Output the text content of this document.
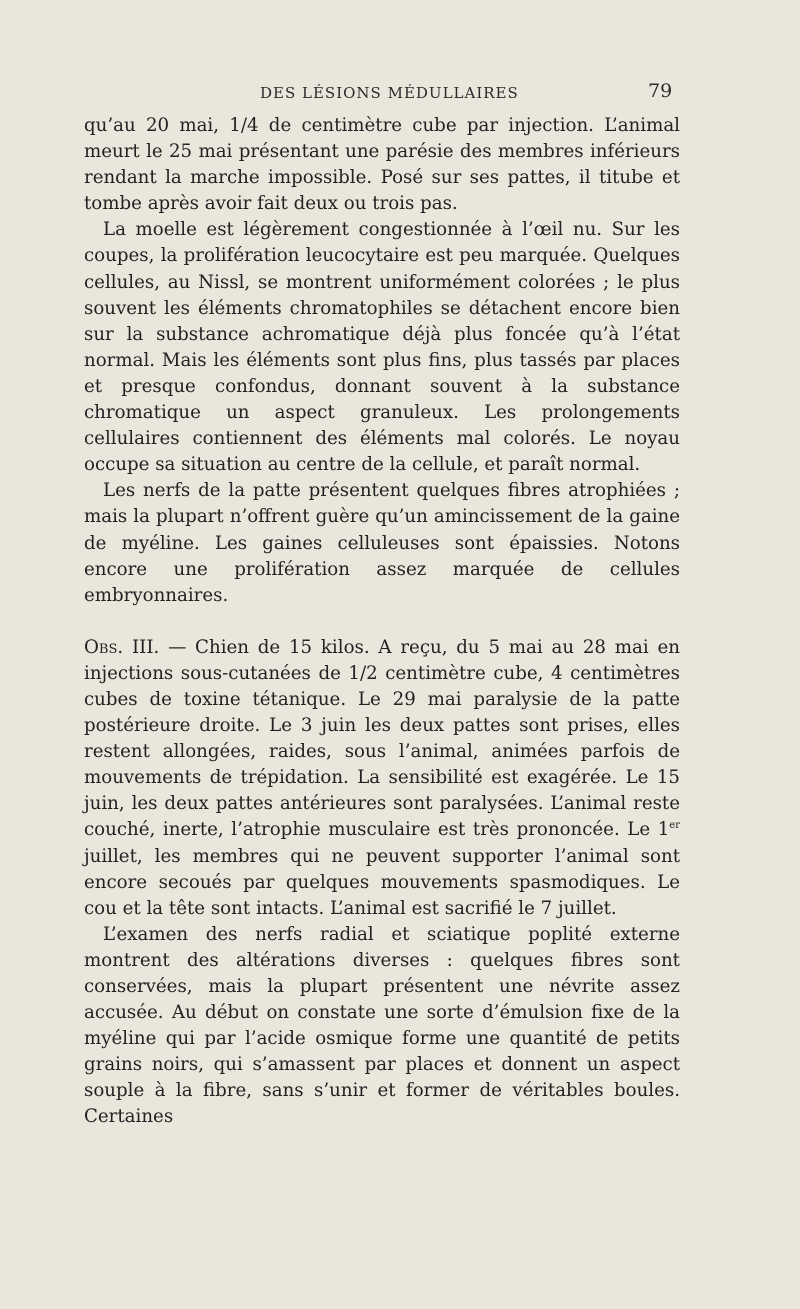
DES LÉSIONS MÉDULLAIRES	79

qu’au 20 mai, 1/4 de centimètre cube par injection. L’animal meurt le 25 mai présentant une parésie des membres inférieurs rendant la marche impossible. Posé sur ses pattes, il titube et tombe après avoir fait deux ou trois pas.

La moelle est légèrement congestionnée à l’œil nu. Sur les coupes, la prolifération leucocytaire est peu marquée. Quelques cellules, au Nissl, se montrent uniformément colorées ; le plus souvent les éléments chromatophiles se détachent encore bien sur la substance achromatique déjà plus foncée qu’à l’état normal. Mais les éléments sont plus fins, plus tassés par places et presque confondus, donnant souvent à la substance chromatique un aspect granuleux. Les prolongements cellulaires contiennent des éléments mal colorés. Le noyau occupe sa situation au centre de la cellule, et paraît normal.

Les nerfs de la patte présentent quelques fibres atrophiées ; mais la plupart n’offrent guère qu’un amincissement de la gaine de myéline. Les gaines celluleuses sont épaissies. Notons encore une prolifération assez marquée de cellules embryonnaires.

Obs. III. — Chien de 15 kilos. A reçu, du 5 mai au 28 mai en injections sous-cutanées de 1/2 centimètre cube, 4 centimètres cubes de toxine tétanique. Le 29 mai paralysie de la patte postérieure droite. Le 3 juin les deux pattes sont prises, elles restent allongées, raides, sous l’animal, animées parfois de mouvements de trépidation. La sensibilité est exagérée. Le 15 juin, les deux pattes antérieures sont paralysées. L’animal reste couché, inerte, l’atrophie musculaire est très prononcée. Le 1er juillet, les membres qui ne peuvent supporter l’animal sont encore secoués par quelques mouvements spasmodiques. Le cou et la tête sont intacts. L’animal est sacrifié le 7 juillet.

L’examen des nerfs radial et sciatique poplité externe montrent des altérations diverses : quelques fibres sont conservées, mais la plupart présentent une névrite assez accusée. Au début on constate une sorte d’émulsion fixe de la myéline qui par l’acide osmique forme une quantité de petits grains noirs, qui s’amassent par places et donnent un aspect souple à la fibre, sans s’unir et former de véritables boules. Certaines
